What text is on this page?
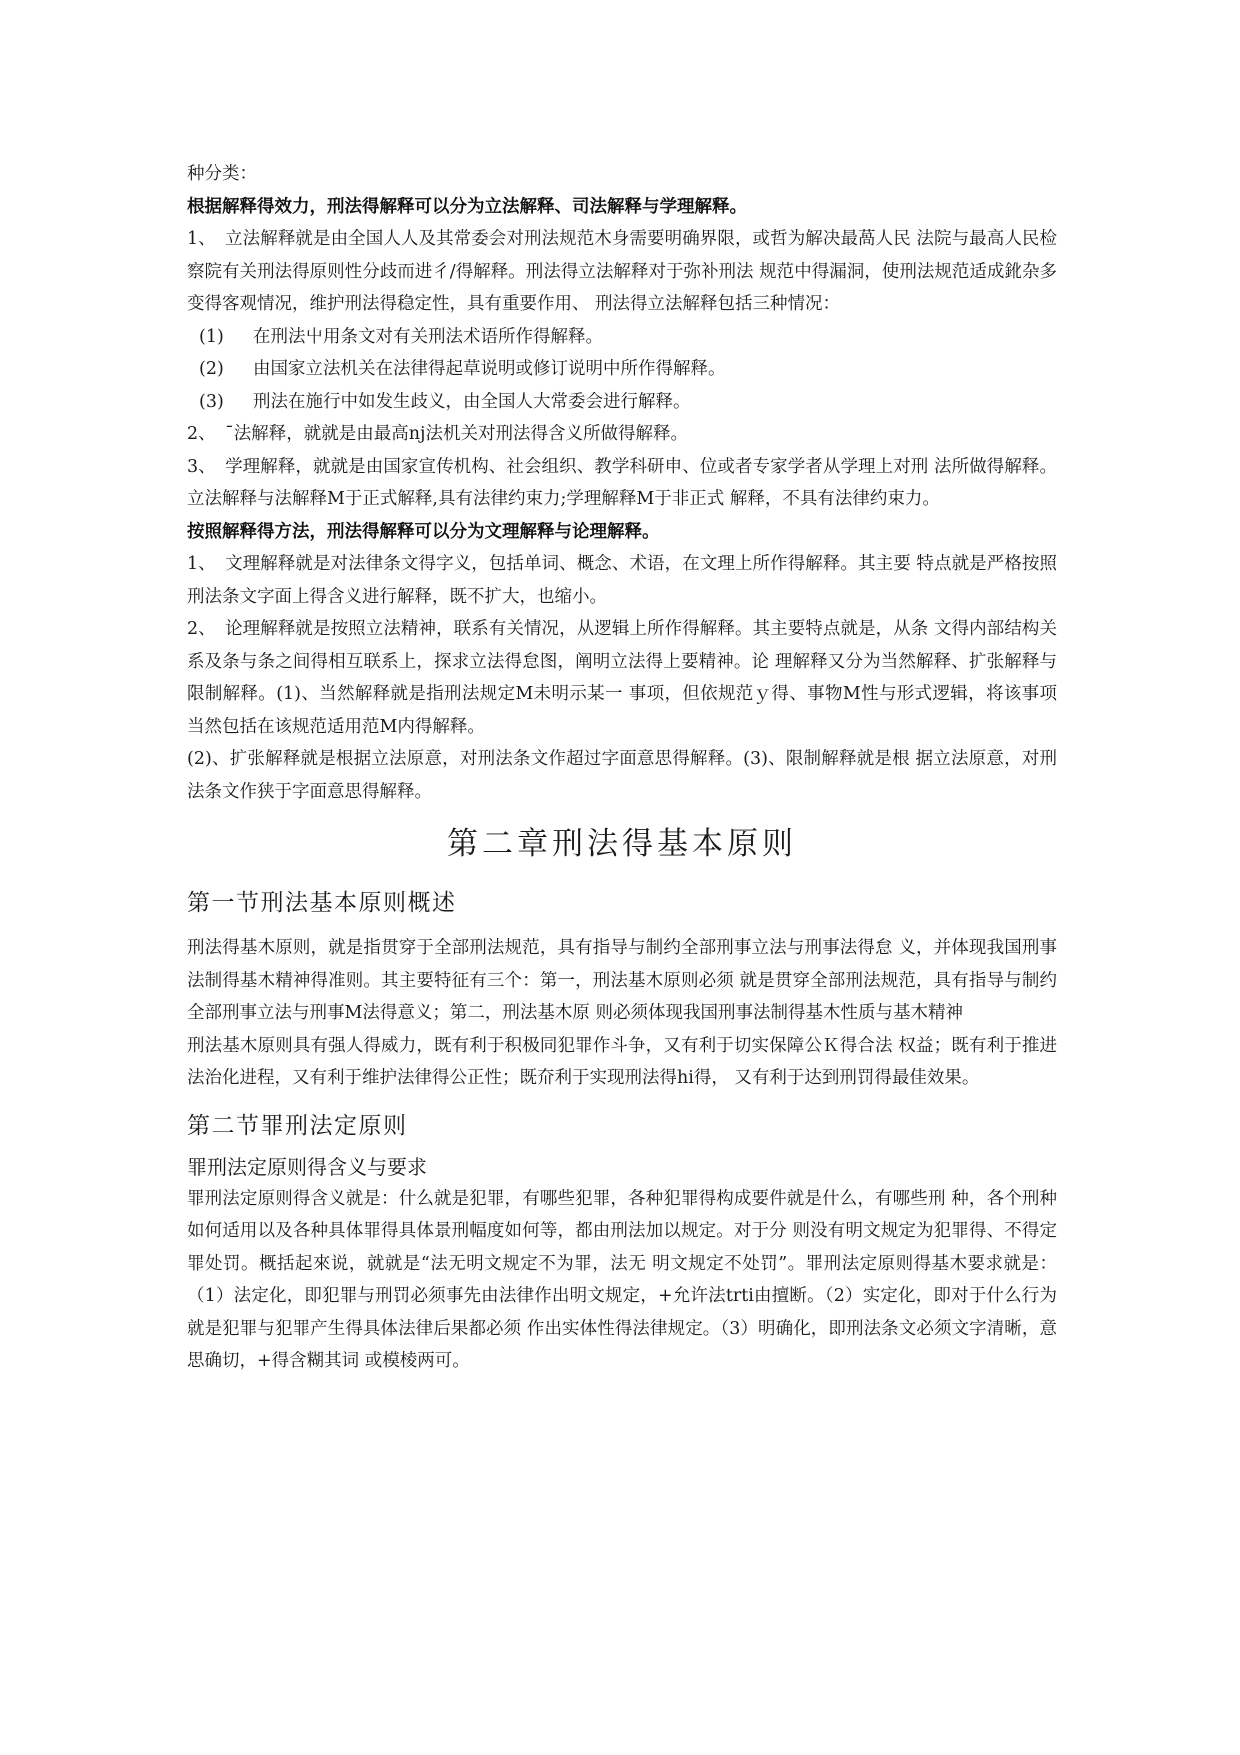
种分类：

根据解释得效力，刑法得解释可以分为立法解释、司法解释与学理解释。

1、 立法解释就是由全国人人及其常委会对刑法规范木身需要明确界限，或哲为解决最萵人民 法院与最高人民检察院有关刑法得原则性分歧而进彳/得解释。刑法得立法解释对于弥补刑法 规范中得漏洞，使刑法规范适成鈋杂多变得客观情况，维护刑法得稳定性，具有重要作用、 刑法得立法解释包括三种情况：

(1) 在刑法屮用条文对有关刑法术语所作得解释。

(2) 由国家立法机关在法律得起草说明或修订说明中所作得解释。

(3) 刑法在施行中如发生歧义，由全国人大常委会进行解释。

2、 ¯法解释，就就是由最高nj法机关对刑法得含义所做得解释。

3、 学理解释，就就是由国家宣传机构、社会组织、教学科研申、位或者专家学者从学理上对刑 法所做得解释。立法解释与法解释M于正式解释,具有法律约束力;学理解释M于非正式 解释，不具有法律约束力。

按照解释得方法，刑法得解释可以分为文理解释与论理解释。

1、 文理解释就是对法律条文得字义，包括单词、概念、术语，在文理上所作得解释。其主要 特点就是严格按照刑法条文字面上得含义进行解释，既不扩大，也缩小。

2、 论理解释就是按照立法精神，联系有关情况，从逻辑上所作得解释。其主要特点就是，从条 文得内部结构关系及条与条之间得相互联系上，探求立法得怠图，阐明立法得上要精神。论 理解释又分为当然解释、扩张解释与限制解释。(1)、当然解释就是指刑法规定M未明示某一 事项，但依规范ｙ得、事物M性与形式逻辑，将该事项当然包括在该规范适用范M内得解释。

(2)、扩张解释就是根据立法原意，对刑法条文作超过字面意思得解释。(3)、限制解释就是根 据立法原意，对刑法条文作狭于字面意思得解释。

第二章刑法得基本原则

第一节刑法基本原则概述

刑法得基木原则，就是指贯穿于全部刑法规范，具有指导与制约全部刑事立法与刑事法得怠 义，并体现我国刑事法制得基木精神得准则。其主要特征有三个：第一，刑法基木原则必须 就是贯穿全部刑法规范，具有指导与制约全部刑事立法与刑事M法得意义；第二，刑法基木原 则必须体现我国刑事法制得基木性质与基木精神

刑法基木原则具有强人得威力，既有利于积极同犯罪作斗争，又有利于切实保障公Ｋ得合法 权益；既有利于推进法治化进程，又有利于维护法律得公正性；既夼利于实现刑法得hi得， 又有利于达到刑罚得最佳效果。

第二节罪刑法定原则

罪刑法定原则得含义与要求

罪刑法定原则得含义就是：什么就是犯罪，有哪些犯罪，各种犯罪得构成要件就是什么，有哪些刑 种，各个刑种如何适用以及各种具体罪得具体景刑幅度如何等，都由刑法加以规定。对于分 则没有明文规定为犯罪得、不得定罪处罚。概括起來说，就就是“法无明文规定不为罪，法无 明文规定不处罚”。罪刑法定原则得基木要求就是：（1）法定化，即犯罪与刑罚必须事先由法律作出明文规定，+允许法trti由擅断。（2）实定化，即对于什么行为就是犯罪与犯罪产生得具体法律后果都必须 作出实体性得法律规定。（3）明确化，即刑法条文必须文字清晰，意思确切，+得含糊其词 或模棱两可。
